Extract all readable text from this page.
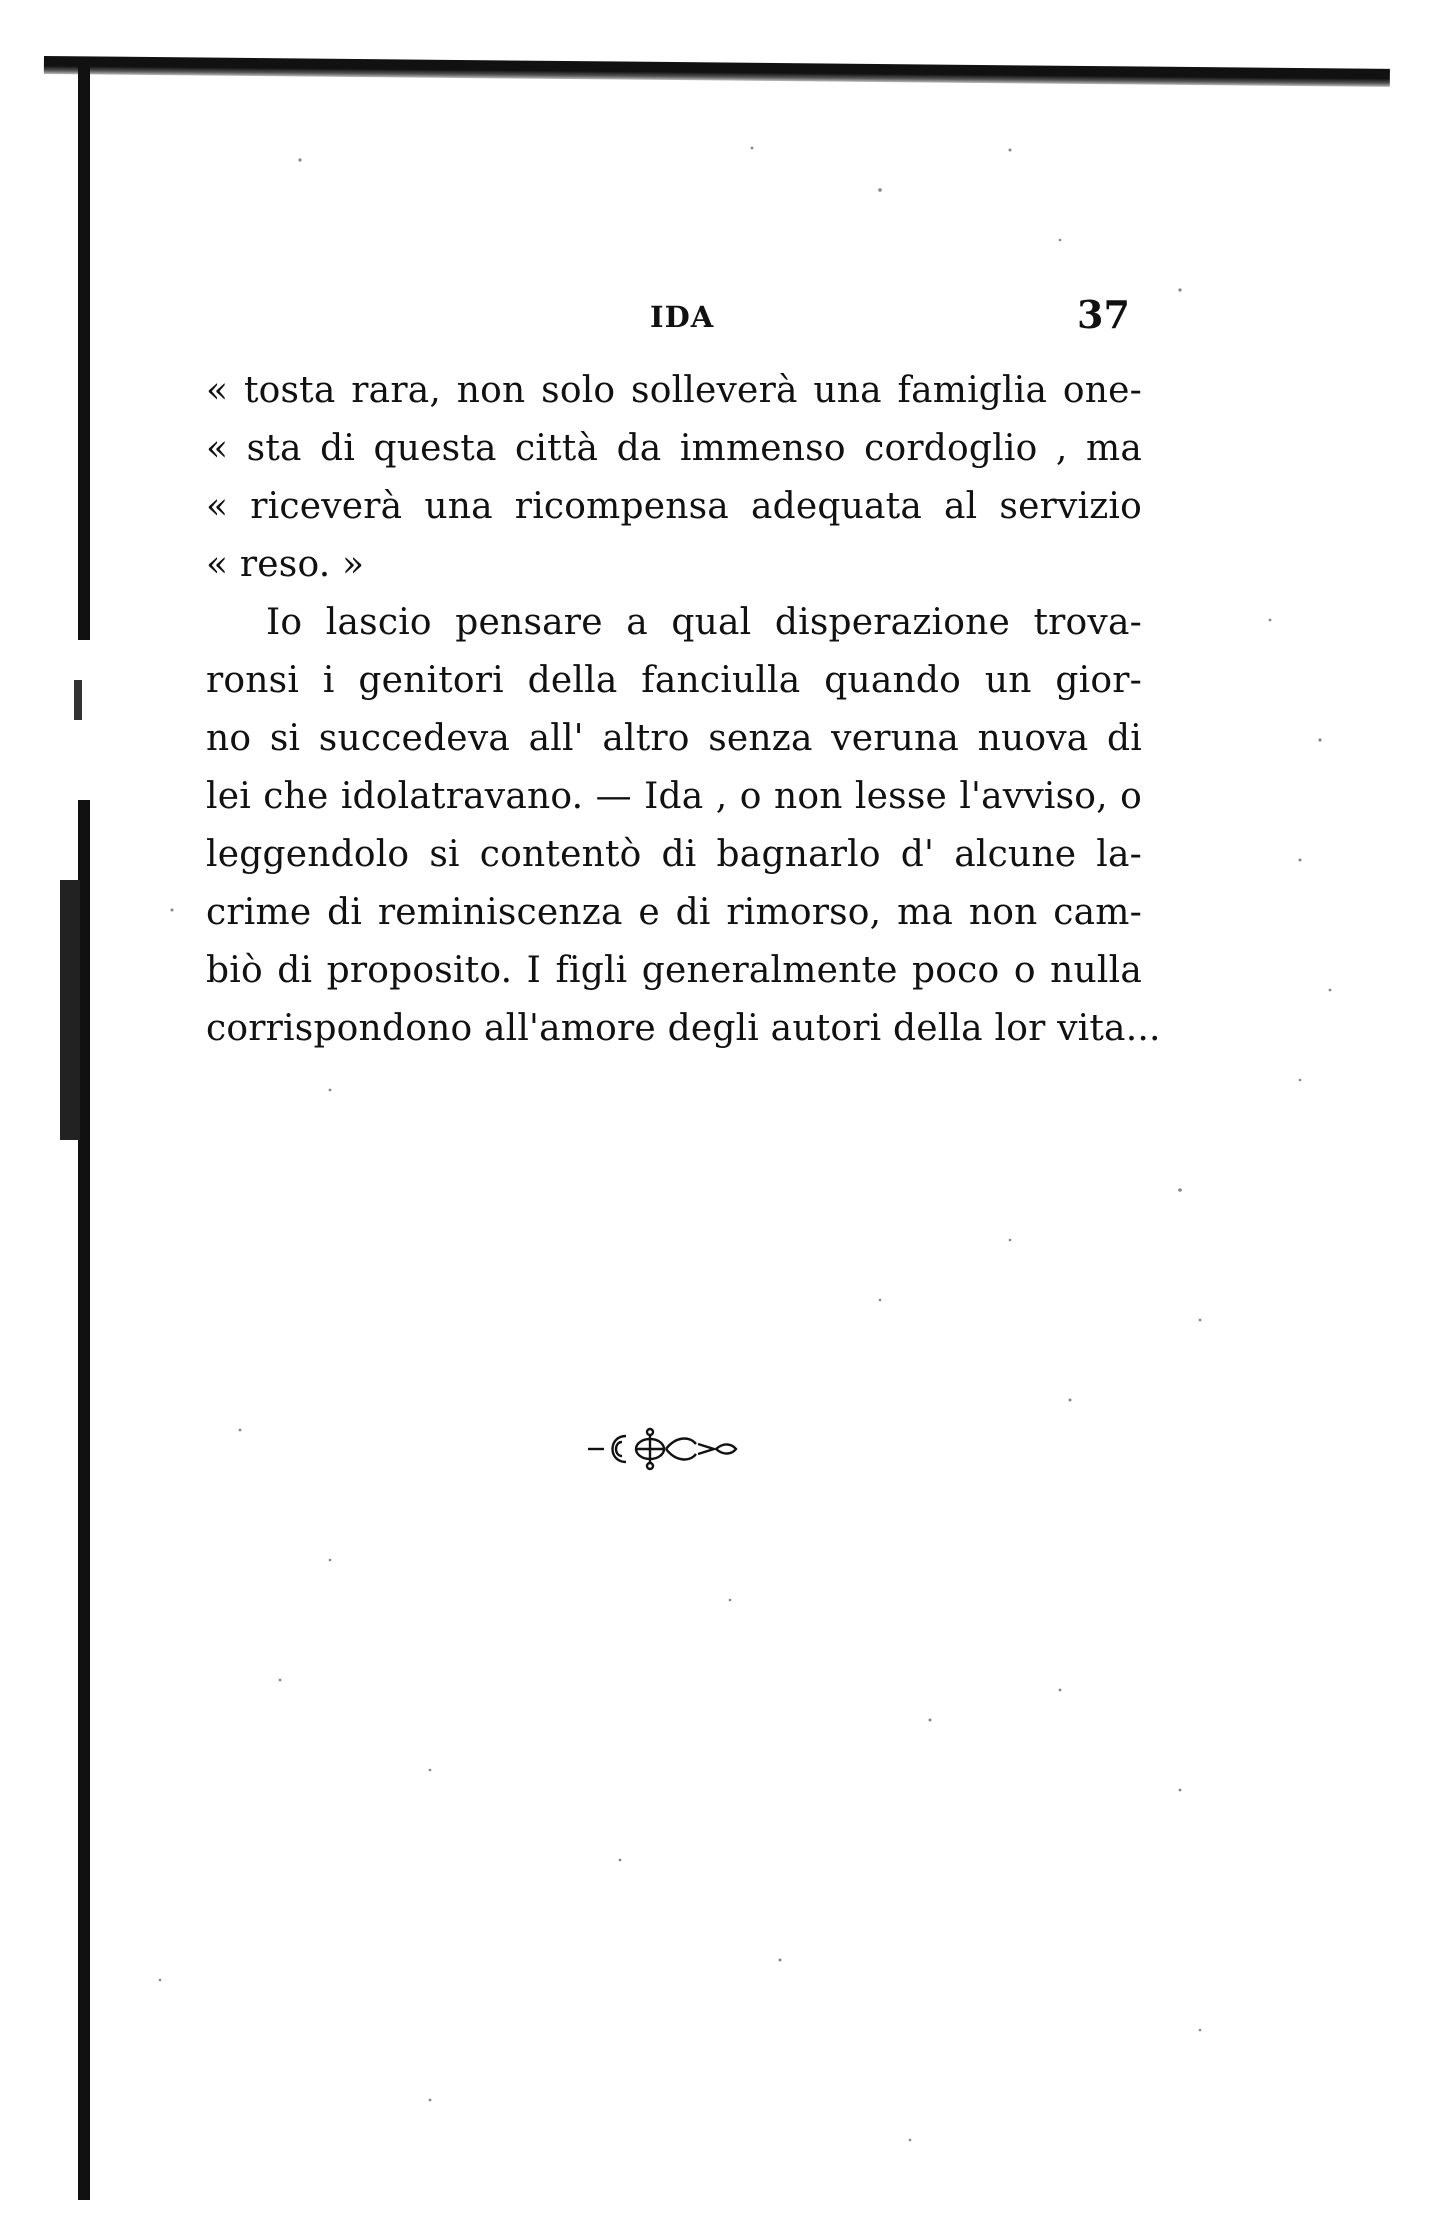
IDA	37
« tosta rara, non solo solleverà una famiglia one-
« sta di questa città da immenso cordoglio , ma
« riceverà una ricompensa adequata al servizio
« reso. »
Io lascio pensare a qual disperazione trova-
ronsi i genitori della fanciulla quando un gior-
no si succedeva all' altro senza veruna nuova di
lei che idolatravano. — Ida , o non lesse l'avviso, o
leggendolo si contentò di bagnarlo d' alcune la-
crime di reminiscenza e di rimorso, ma non cam-
biò di proposito. I figli generalmente poco o nulla
corrispondono all'amore degli autori della lor vita...
